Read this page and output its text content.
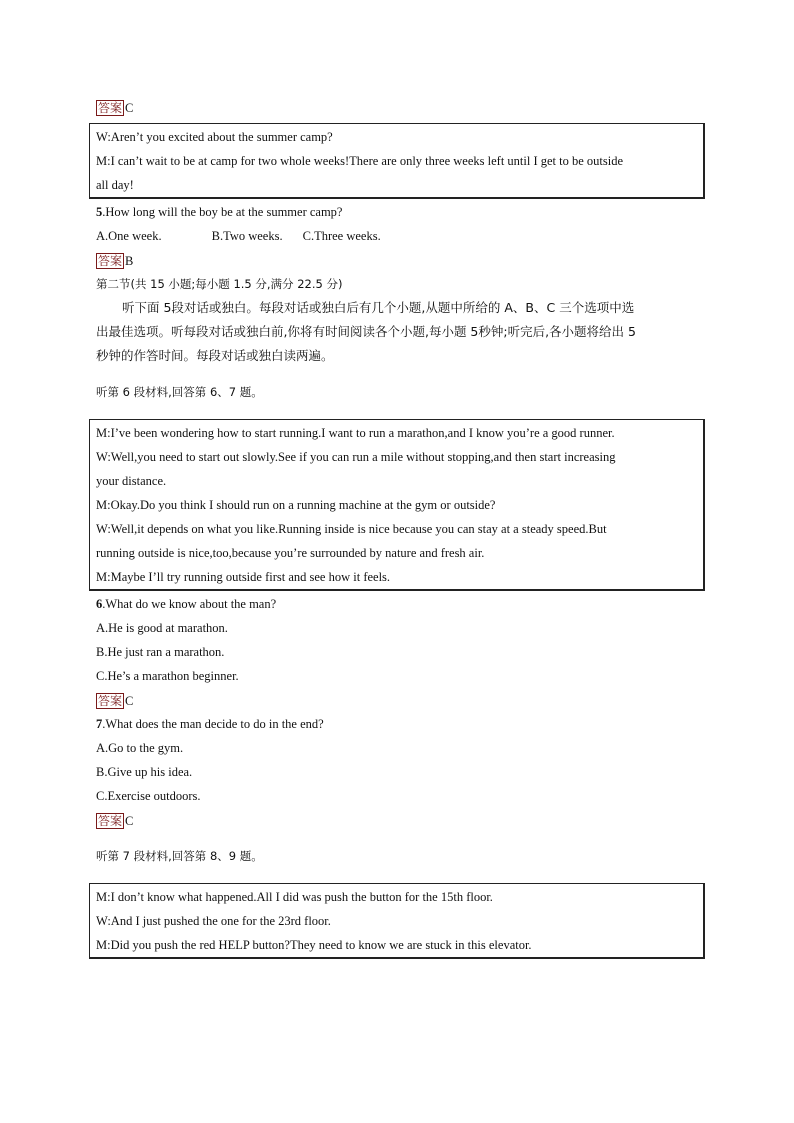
答案 C
W:Aren’t you excited about the summer camp?
M:I can’t wait to be at camp for two whole weeks!There are only three weeks left until I get to be outside
all day!
5.How long will the boy be at the summer camp?
A.One week.	B.Two weeks. C.Three weeks.
答案 B
第二节(共 15 小题;每小题 1.5 分,满分 22.5 分)
听下面 5段对话或独白。每段对话或独白后有几个小题,从题中所给的 A、B、C 三个选项中选
出最佳选项。听每段对话或独白前,你将有时间阅读各个小题,每小题 5秒钟;听完后,各小题将给出 5
秒钟的作答时间。每段对话或独白读两遍。
听第 6 段材料,回答第 6、7 题。
M:I’ve been wondering how to start running.I want to run a marathon,and I know you’re a good runner.
W:Well,you need to start out slowly.See if you can run a mile without stopping,and then start increasing
your distance.
M:Okay.Do you think I should run on a running machine at the gym or outside?
W:Well,it depends on what you like.Running inside is nice because you can stay at a steady speed.But
running outside is nice,too,because you’re surrounded by nature and fresh air.
M:Maybe I’ll try running outside first and see how it feels.
6.What do we know about the man?
A.He is good at marathon.
B.He just ran a marathon.
C.He’s a marathon beginner.
答案 C
7.What does the man decide to do in the end?
A.Go to the gym.
B.Give up his idea.
C.Exercise outdoors.
答案 C
听第 7 段材料,回答第 8、9 题。
M:I don’t know what happened.All I did was push the button for the 15th floor.
W:And I just pushed the one for the 23rd floor.
M:Did you push the red HELP button?They need to know we are stuck in this elevator.
